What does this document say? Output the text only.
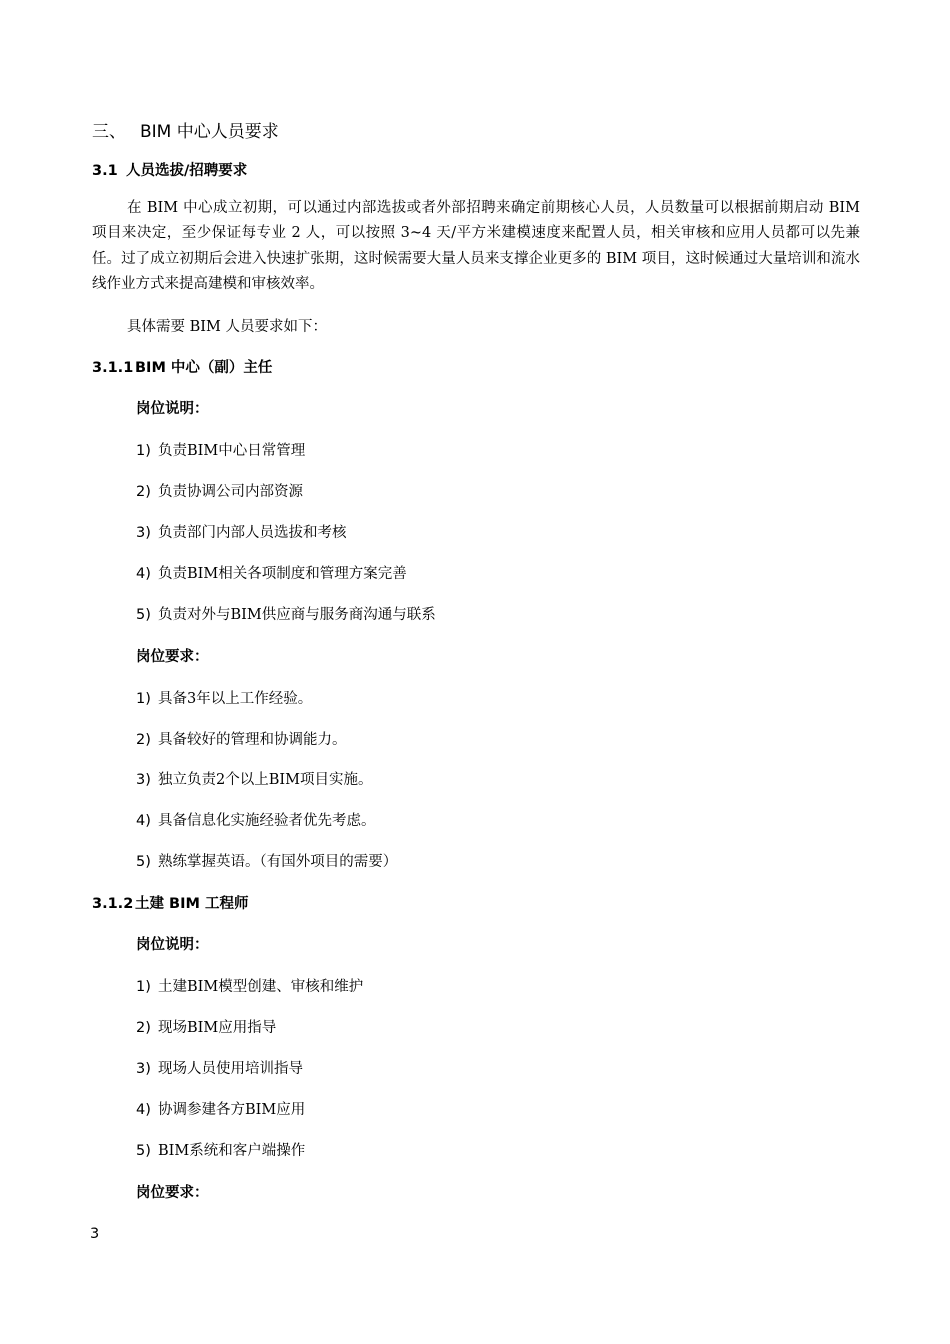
三、 BIM 中心人员要求
3.1 人员选拔/招聘要求
在 BIM 中心成立初期，可以通过内部选拔或者外部招聘来确定前期核心人员，人员数量可以根据前期启动 BIM 项目来决定，至少保证每专业 2 人，可以按照 3~4 天/平方米建模速度来配置人员，相关审核和应用人员都可以先兼任。过了成立初期后会进入快速扩张期，这时候需要大量人员来支撑企业更多的 BIM 项目，这时候通过大量培训和流水线作业方式来提高建模和审核效率。
具体需要 BIM 人员要求如下：
3.1.1 BIM 中心（副）主任
岗位说明：
1) 负责BIM中心日常管理
2) 负责协调公司内部资源
3) 负责部门内部人员选拔和考核
4) 负责BIM相关各项制度和管理方案完善
5) 负责对外与BIM供应商与服务商沟通与联系
岗位要求：
1) 具备3年以上工作经验。
2) 具备较好的管理和协调能力。
3) 独立负责2个以上BIM项目实施。
4) 具备信息化实施经验者优先考虑。
5) 熟练掌握英语。（有国外项目的需要）
3.1.2 土建 BIM 工程师
岗位说明：
1) 土建BIM模型创建、审核和维护
2) 现场BIM应用指导
3) 现场人员使用培训指导
4) 协调参建各方BIM应用
5) BIM系统和客户端操作
岗位要求：
3
